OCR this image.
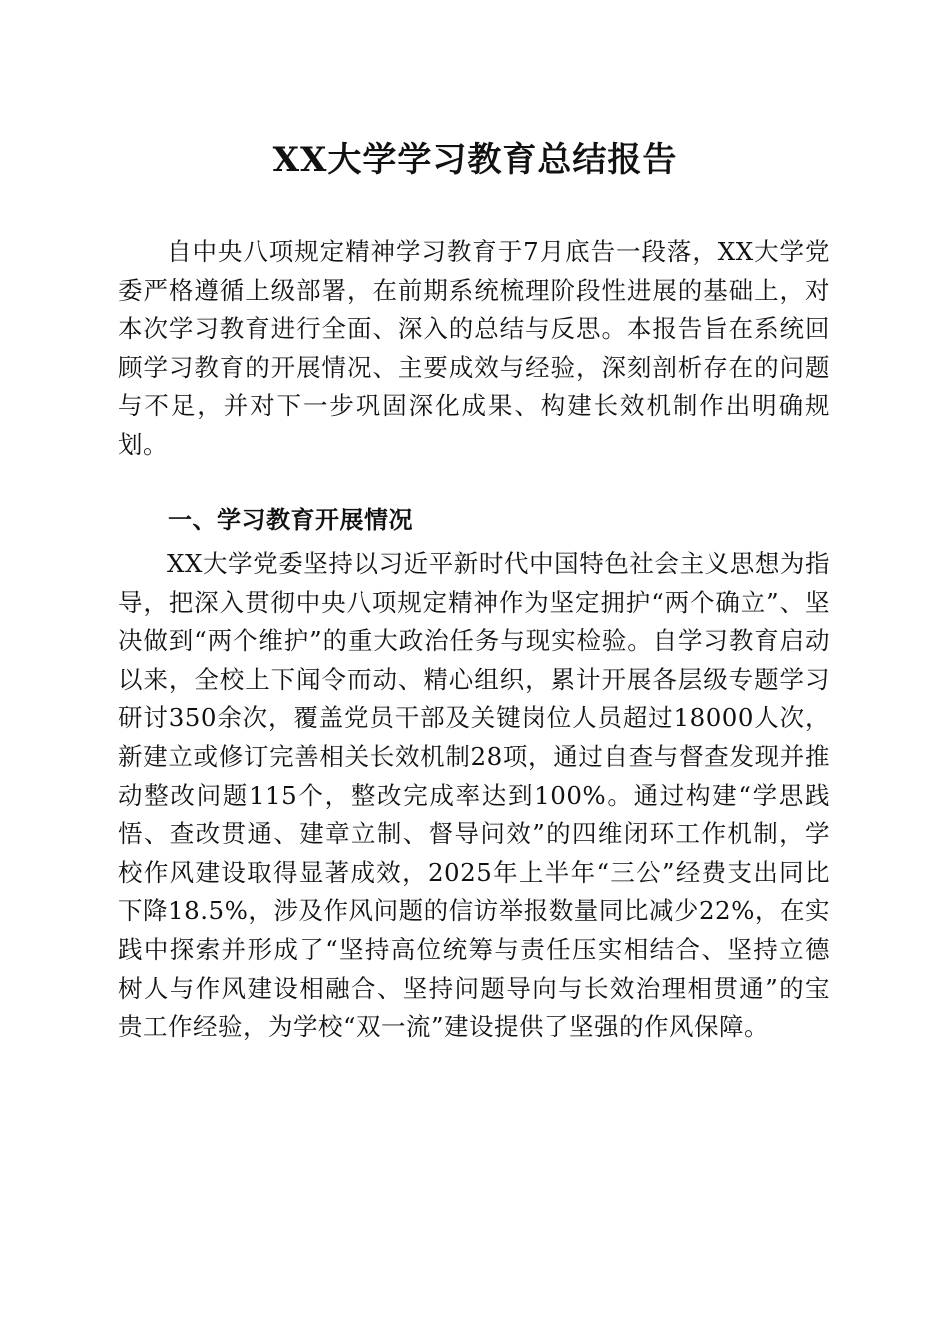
XX大学学习教育总结报告

自中央八项规定精神学习教育于7月底告一段落，XX大学党委严格遵循上级部署，在前期系统梳理阶段性进展的基础上，对本次学习教育进行全面、深入的总结与反思。本报告旨在系统回顾学习教育的开展情况、主要成效与经验，深刻剖析存在的问题与不足，并对下一步巩固深化成果、构建长效机制作出明确规划。

一、学习教育开展情况

XX大学党委坚持以习近平新时代中国特色社会主义思想为指导，把深入贯彻中央八项规定精神作为坚定拥护“两个确立”、坚决做到“两个维护”的重大政治任务与现实检验。自学习教育启动以来，全校上下闻令而动、精心组织，累计开展各层级专题学习研讨350余次，覆盖党员干部及关键岗位人员超过18000人次，新建立或修订完善相关长效机制28项，通过自查与督查发现并推动整改问题115个，整改完成率达到100%。通过构建“学思践悟、查改贯通、建章立制、督导问效”的四维闭环工作机制，学校作风建设取得显著成效，2025年上半年“三公”经费支出同比下降18.5%，涉及作风问题的信访举报数量同比减少22%，在实践中探索并形成了“坚持高位统筹与责任压实相结合、坚持立德树人与作风建设相融合、坚持问题导向与长效治理相贯通”的宝贵工作经验，为学校“双一流”建设提供了坚强的作风保障。
